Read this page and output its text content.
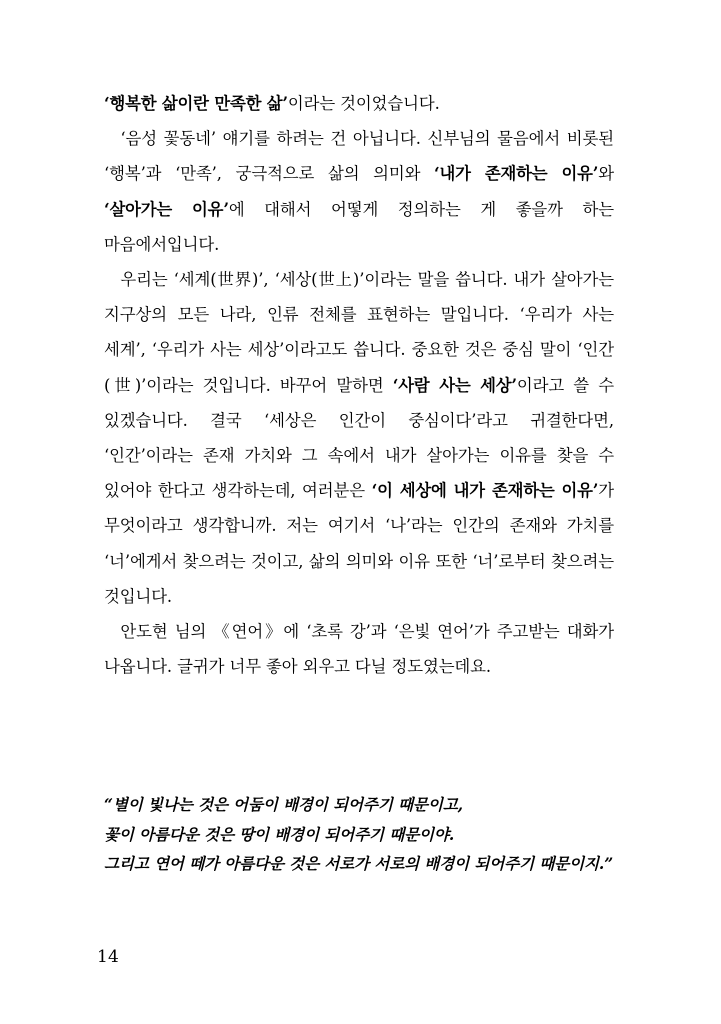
‘행복한 삶이란 만족한 삶’이라는 것이었습니다.

‘음성 꽃동네’ 얘기를 하려는 건 아닙니다. 신부님의 물음에서 비롯된 ‘행복’과 ‘만족’, 궁극적으로 삶의 의미와 ‘내가 존재하는 이유’와 ‘살아가는 이유’에 대해서 어떻게 정의하는 게 좋을까 하는 마음에서입니다.

우리는 ‘세계(世界)’, ‘세상(世上)’이라는 말을 씁니다. 내가 살아가는 지구상의 모든 나라, 인류 전체를 표현하는 말입니다. ‘우리가 사는 세계’, ‘우리가 사는 세상’이라고도 씁니다. 중요한 것은 중심 말이 ‘인간(世)’이라는 것입니다. 바꾸어 말하면 ‘사람 사는 세상’이라고 쓸 수 있겠습니다. 결국 ‘세상은 인간이 중심이다’라고 귀결한다면, ‘인간’이라는 존재 가치와 그 속에서 내가 살아가는 이유를 찾을 수 있어야 한다고 생각하는데, 여러분은 ‘이 세상에 내가 존재하는 이유’가 무엇이라고 생각합니까. 저는 여기서 ‘나’라는 인간의 존재와 가치를 ‘너’에게서 찾으려는 것이고, 삶의 의미와 이유 또한 ‘너’로부터 찾으려는 것입니다.

안도현 님의 《연어》에 ‘초록 강’과 ‘은빛 연어’가 주고받는 대화가 나옵니다. 글귀가 너무 좋아 외우고 다닐 정도였는데요.

“별이 빛나는 것은 어둠이 배경이 되어주기 때문이고,

꽃이 아름다운 것은 땅이 배경이 되어주기 때문이야.

그리고 연어 떼가 아름다운 것은 서로가 서로의 배경이 되어주기 때문이지.”

14
